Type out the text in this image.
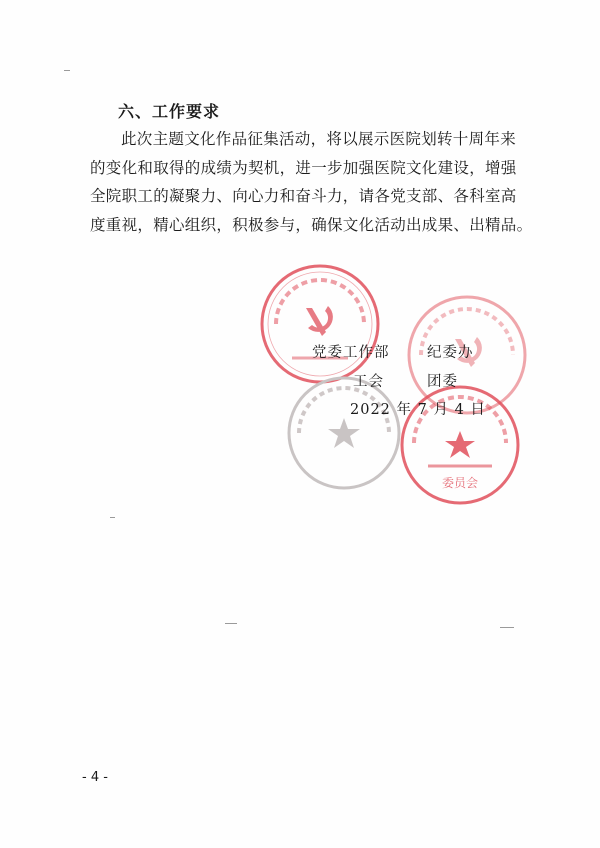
六、工作要求
此次主题文化作品征集活动，将以展示医院划转十周年来
的变化和取得的成绩为契机，进一步加强医院文化建设，增强
全院职工的凝聚力、向心力和奋斗力，请各党支部、各科室高
度重视，精心组织，积极参与，确保文化活动出成果、出精品。
委员会
党委工作部	纪委办
工会	团委
2022 年 7 月 4 日
- 4 -
